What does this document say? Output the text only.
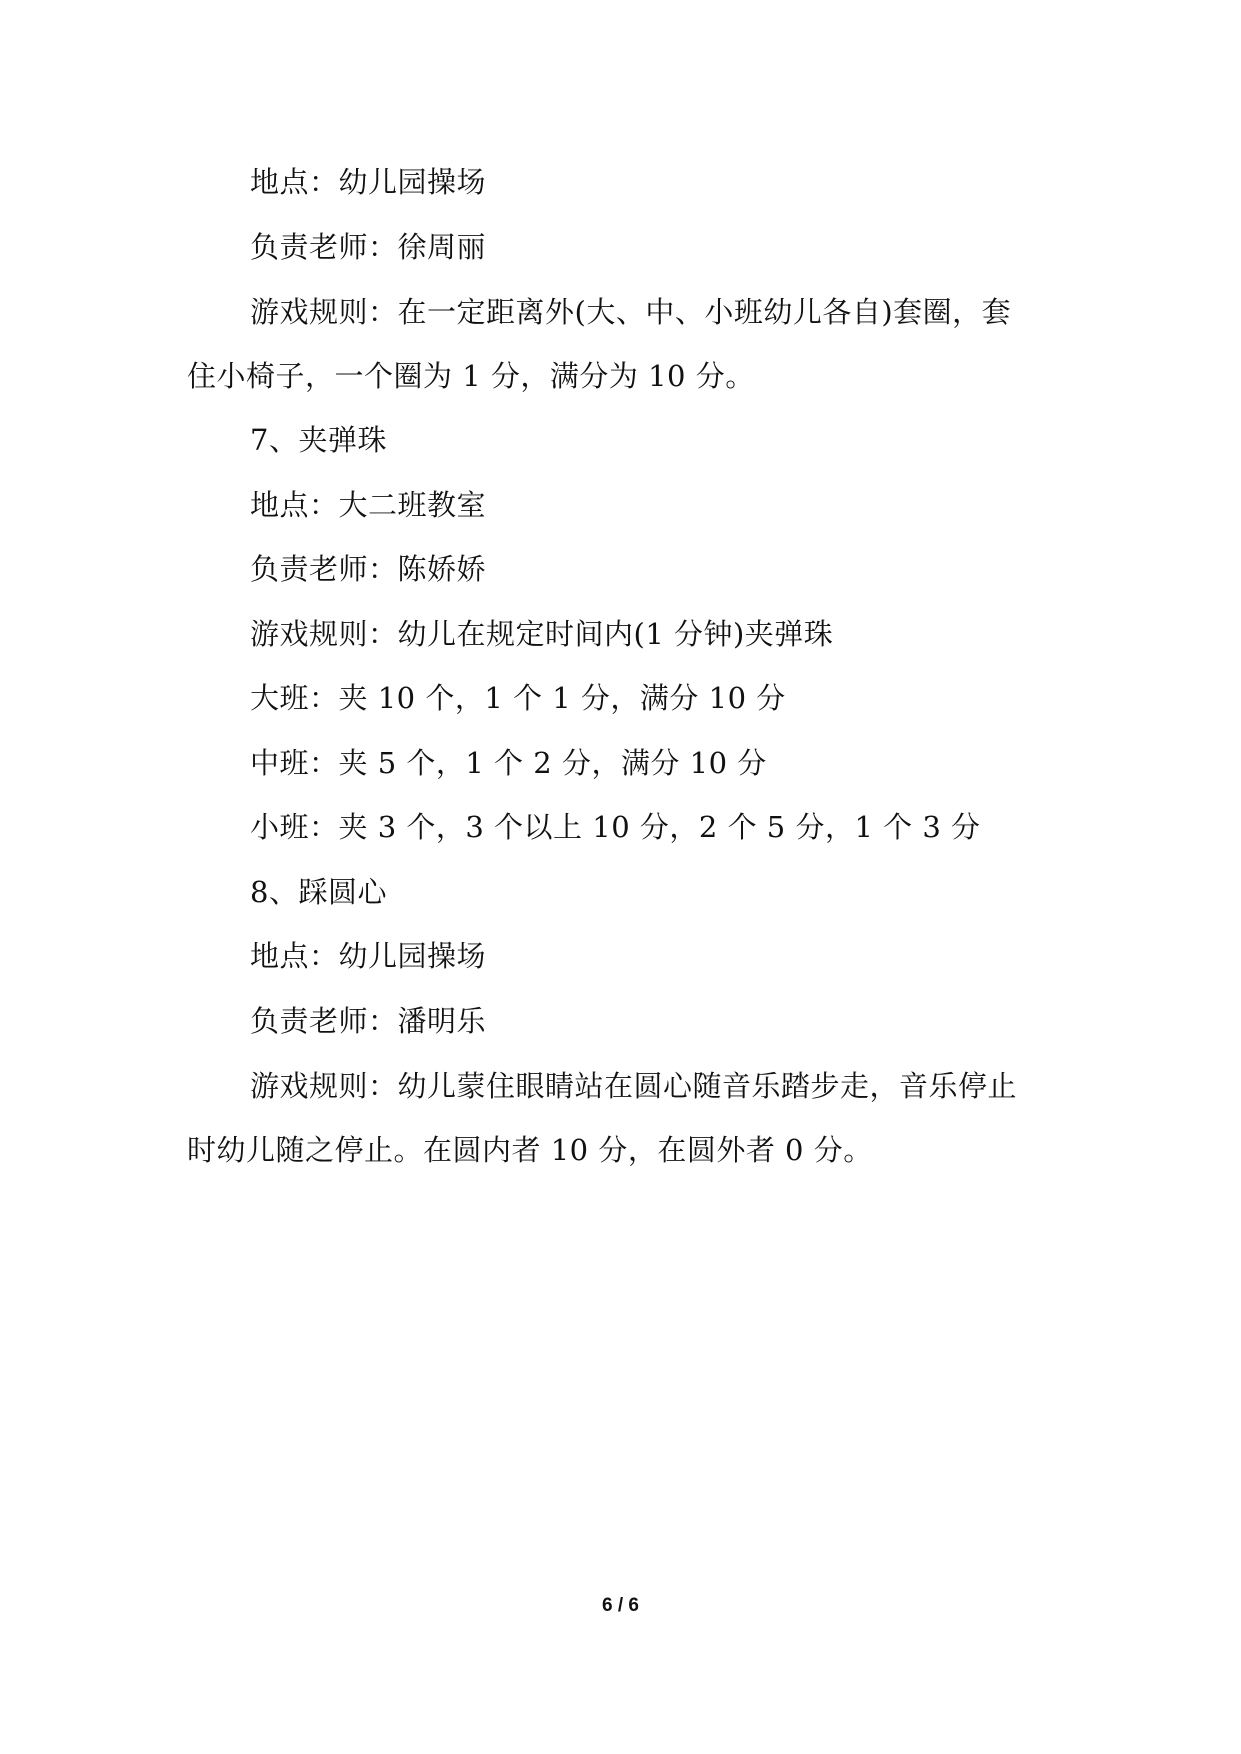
地点：幼儿园操场
负责老师：徐周丽
游戏规则：在一定距离外(大、中、小班幼儿各自)套圈，套
住小椅子，一个圈为 1 分，满分为 10 分。
7、夹弹珠
地点：大二班教室
负责老师：陈娇娇
游戏规则：幼儿在规定时间内(1 分钟)夹弹珠
大班：夹 10 个，1 个 1 分，满分 10 分
中班：夹 5 个，1 个 2 分，满分 10 分
小班：夹 3 个，3 个以上 10 分，2 个 5 分，1 个 3 分
8、踩圆心
地点：幼儿园操场
负责老师：潘明乐
游戏规则：幼儿蒙住眼睛站在圆心随音乐踏步走，音乐停止
时幼儿随之停止。在圆内者 10 分，在圆外者 0 分。
6 / 6
